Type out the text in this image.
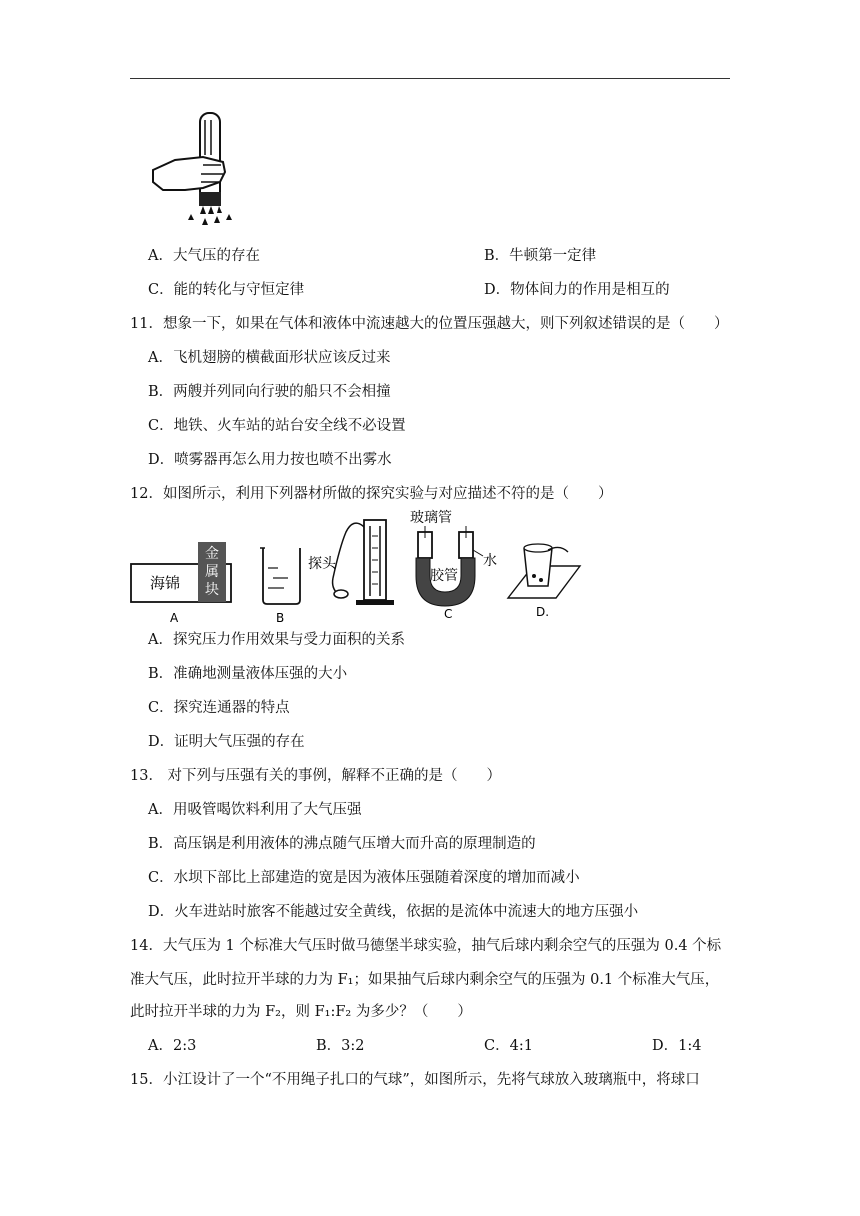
A．大气压的存在	B．牛顿第一定律
C．能的转化与守恒定律	D．物体间力的作用是相互的
11．想象一下，如果在气体和液体中流速越大的位置压强越大，则下列叙述错误的是（　　）
A．飞机翅膀的横截面形状应该反过来
B．两艘并列同向行驶的船只不会相撞
C．地铁、火车站的站台安全线不必设置
D．喷雾器再怎么用力按也喷不出雾水
12．如图所示，利用下列器材所做的探究实验与对应描述不符的是（　　）
海锦
金
属
块
A
探头
B
玻璃管
胶管
水
C	D.
A．探究压力作用效果与受力面积的关系
B．准确地测量液体压强的大小
C．探究连通器的特点
D．证明大气压强的存在
13． 对下列与压强有关的事例，解释不正确的是（　　）
A．用吸管喝饮料利用了大气压强
B．高压锅是利用液体的沸点随气压增大而升高的原理制造的
C．水坝下部比上部建造的宽是因为液体压强随着深度的增加而减小
D．火车进站时旅客不能越过安全黄线，依据的是流体中流速大的地方压强小
14．大气压为 1 个标准大气压时做马德堡半球实验，抽气后球内剩余空气的压强为 0.4 个标
准大气压，此时拉开半球的力为 F₁；如果抽气后球内剩余空气的压强为 0.1 个标准大气压，
此时拉开半球的力为 F₂，则 F₁:F₂ 为多少？（　　）
A．2:3	B．3:2	C．4:1	D．1:4
15．小江设计了一个“不用绳子扎口的气球”，如图所示，先将气球放入玻璃瓶中，将球口
